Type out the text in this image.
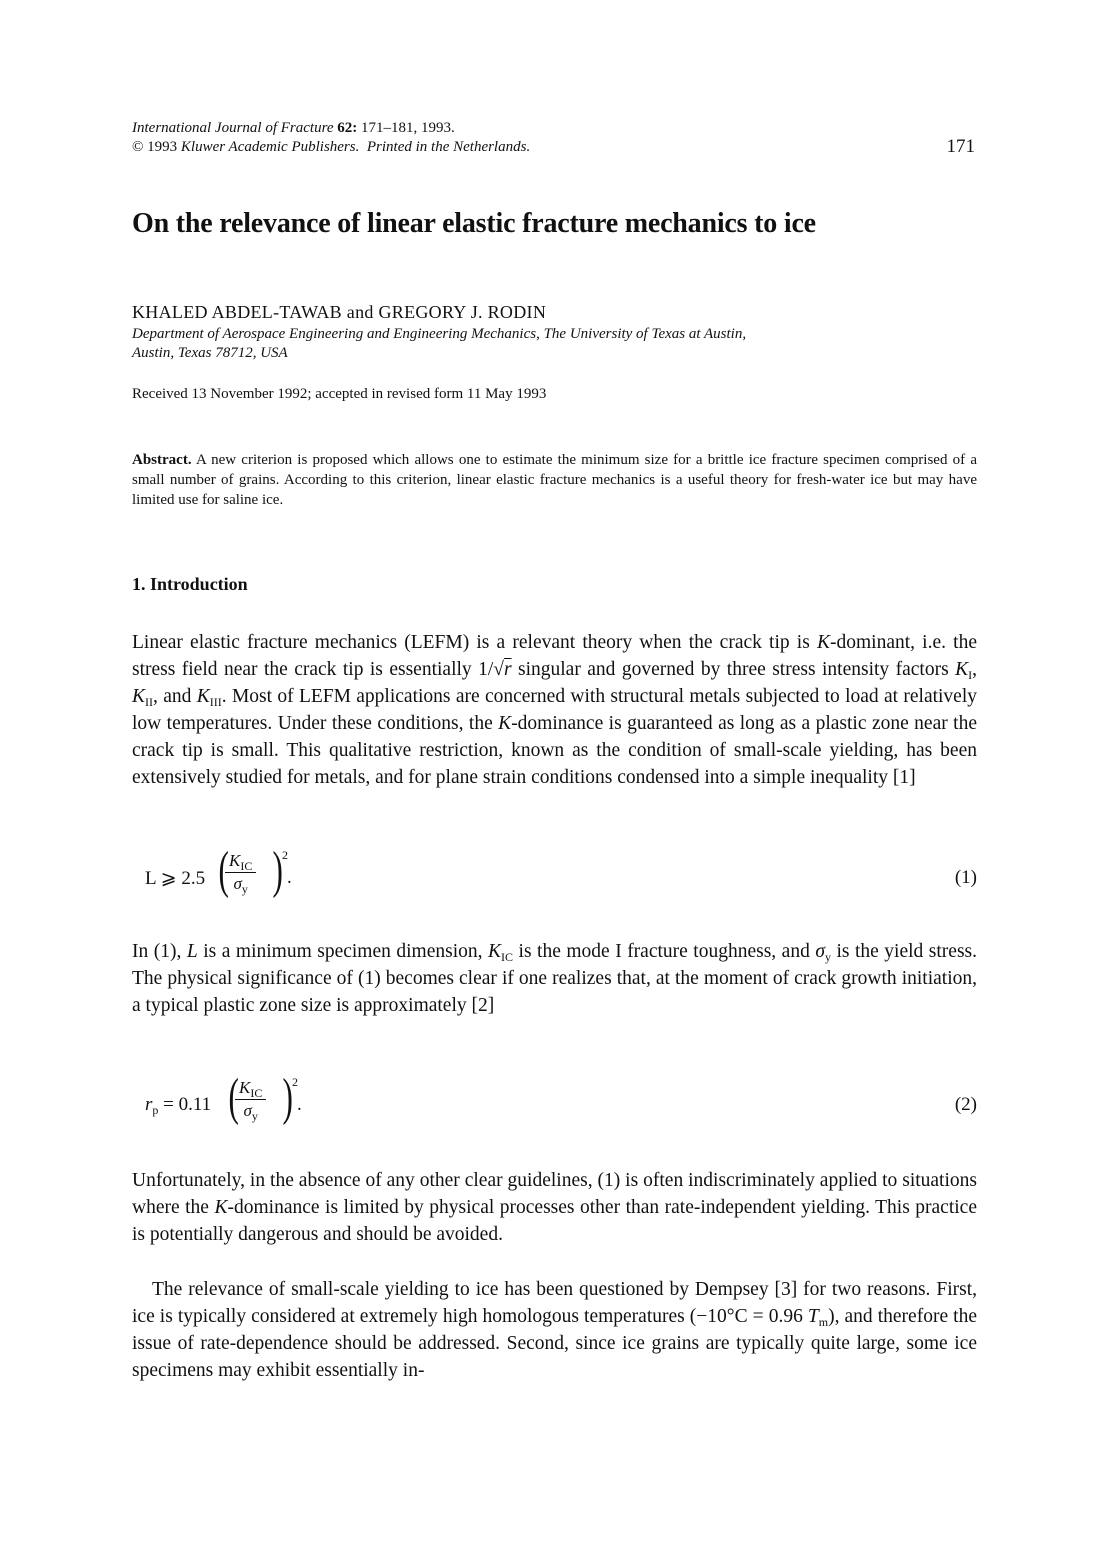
International Journal of Fracture 62: 171–181, 1993.
© 1993 Kluwer Academic Publishers. Printed in the Netherlands.	171
On the relevance of linear elastic fracture mechanics to ice
KHALED ABDEL-TAWAB and GREGORY J. RODIN
Department of Aerospace Engineering and Engineering Mechanics, The University of Texas at Austin,
Austin, Texas 78712, USA
Received 13 November 1992; accepted in revised form 11 May 1993
Abstract. A new criterion is proposed which allows one to estimate the minimum size for a brittle ice fracture specimen comprised of a small number of grains. According to this criterion, linear elastic fracture mechanics is a useful theory for fresh-water ice but may have limited use for saline ice.
1. Introduction
Linear elastic fracture mechanics (LEFM) is a relevant theory when the crack tip is K-dominant, i.e. the stress field near the crack tip is essentially 1/√r singular and governed by three stress intensity factors $K_I$, $K_{II}$, and $K_{III}$. Most of LEFM applications are concerned with structural metals subjected to load at relatively low temperatures. Under these conditions, the K-dominance is guaranteed as long as a plastic zone near the crack tip is small. This qualitative restriction, known as the condition of small-scale yielding, has been extensively studied for metals, and for plane strain conditions condensed into a simple inequality [1]
L ⩾ 2.5 ( $K_{IC}$
$\sigma_y$ ) 2
.	(1)
In (1), L is a minimum specimen dimension, $K_{IC}$ is the mode I fracture toughness, and $\sigma_y$ is the yield stress. The physical significance of (1) becomes clear if one realizes that, at the moment of crack growth initiation, a typical plastic zone size is approximately [2]
$r_p = 0.11$ ( $K_{IC}$
$\sigma_y$ ) 2
.	(2)
Unfortunately, in the absence of any other clear guidelines, (1) is often indiscriminately applied to situations where the K-dominance is limited by physical processes other than rate-independent yielding. This practice is potentially dangerous and should be avoided.
The relevance of small-scale yielding to ice has been questioned by Dempsey [3] for two reasons. First, ice is typically considered at extremely high homologous temperatures (−10°C = 0.96 $T_m$), and therefore the issue of rate-dependence should be addressed. Second, since ice grains are typically quite large, some ice specimens may exhibit essentially in-
